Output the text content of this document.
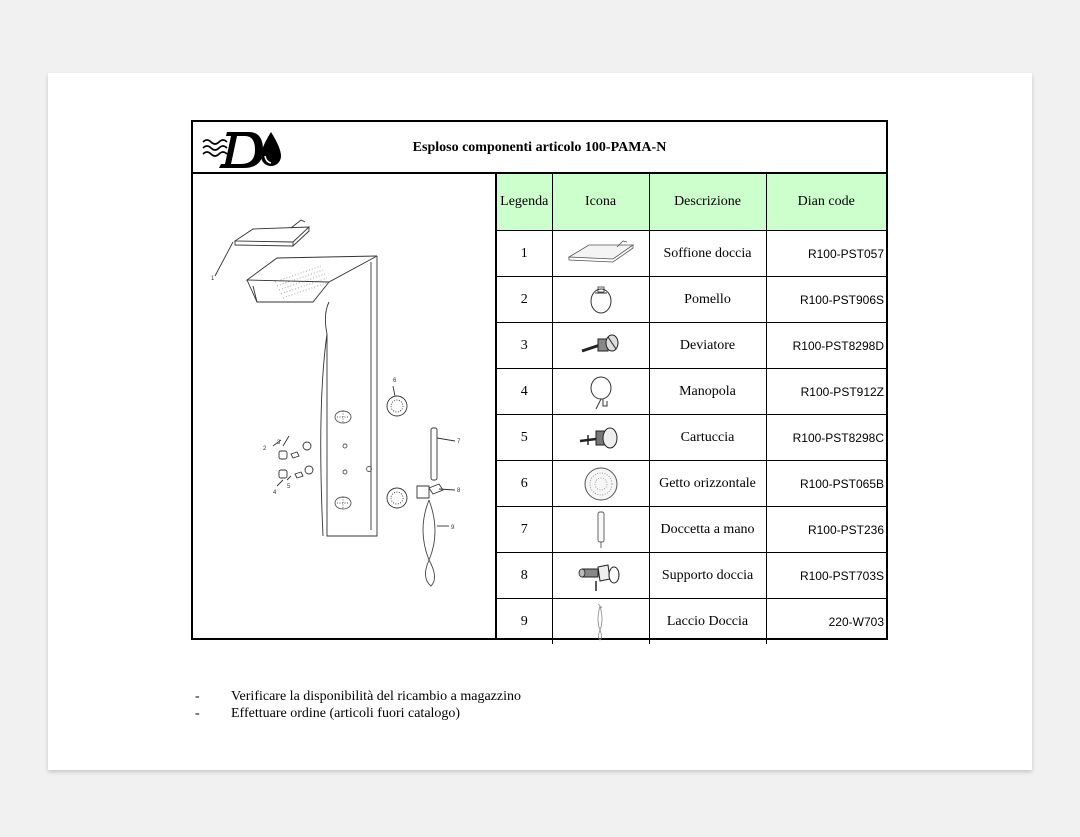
Esploso componenti articolo 100-PAMA-N
1
2
3
4
5
6
7
8
9
Legenda	Icona	Descrizione	Dian code
1		Soffione doccia	R100-PST057
2		Pomello	R100-PST906S
3		Deviatore	R100-PST8298D
4		Manopola	R100-PST912Z
5		Cartuccia	R100-PST8298C
6		Getto orizzontale	R100-PST065B
7		Doccetta a mano	R100-PST236
8		Supporto doccia	R100-PST703S
9		Laccio Doccia	220-W703
- Verificare la disponibilità del ricambio a magazzino
- Effettuare ordine (articoli fuori catalogo)
